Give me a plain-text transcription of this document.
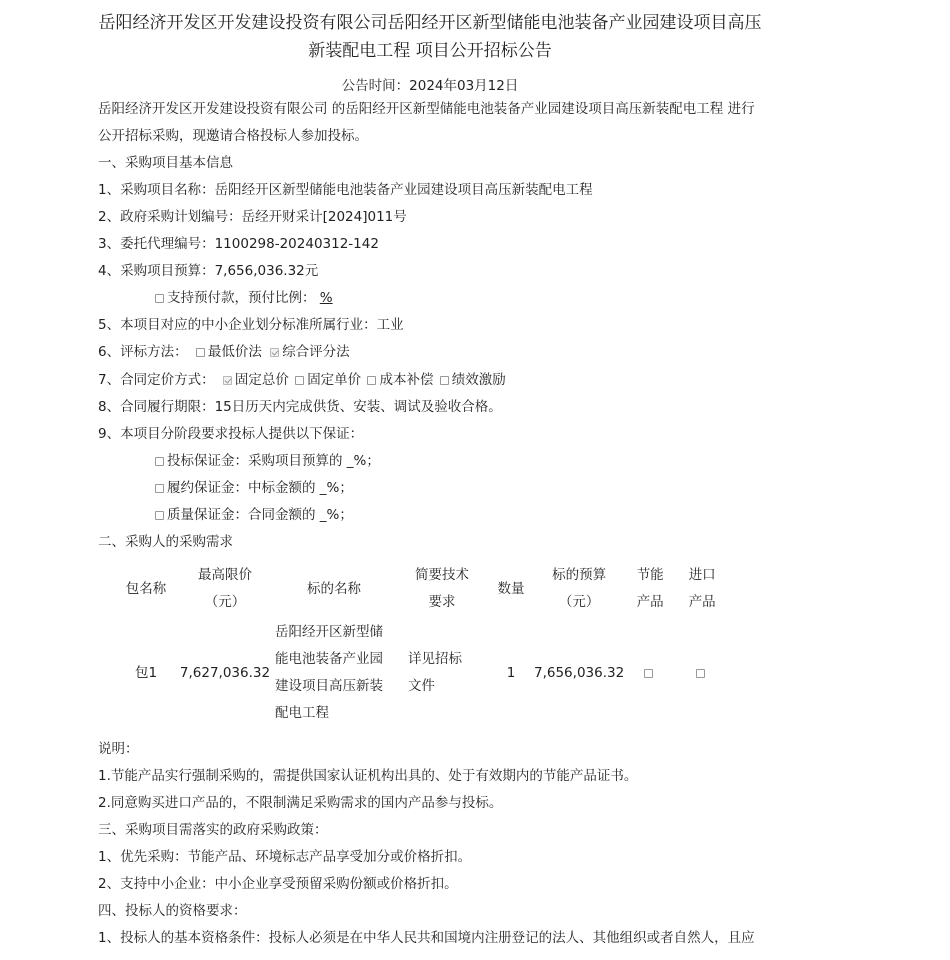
岳阳经济开发区开发建设投资有限公司岳阳经开区新型储能电池装备产业园建设项目高压
新装配电工程 项目公开招标公告
公告时间：2024年03月12日
岳阳经济开发区开发建设投资有限公司 的岳阳经开区新型储能电池装备产业园建设项目高压新装配电工程 进行
公开招标采购，现邀请合格投标人参加投标。
一、采购项目基本信息
1、采购项目名称：岳阳经开区新型储能电池装备产业园建设项目高压新装配电工程
2、政府采购计划编号：岳经开财采计[2024]011号
3、委托代理编号：1100298-20240312-142
4、采购项目预算：7,656,036.32元
支持预付款，预付比例： %
5、本项目对应的中小企业划分标准所属行业：工业
6、评标方法： 最低价法 综合评分法
7、合同定价方式： 固定总价 固定单价 成本补偿 绩效激励
8、合同履行期限：15日历天内完成供货、安装、调试及验收合格。
9、本项目分阶段要求投标人提供以下保证：
投标保证金：采购项目预算的 _%；
履约保证金：中标金额的 _%；
质量保证金：合同金额的 _%；
二、采购人的采购需求
包名称	最高限价（元）	标的名称	简要技术要求	数量	标的预算（元）	节能产品	进口产品
包1	7,627,036.32	岳阳经开区新型储能电池装备产业园建设项目高压新装配电工程	详见招标文件	1	7,656,036.32		
说明：
1.节能产品实行强制采购的，需提供国家认证机构出具的、处于有效期内的节能产品证书。
2.同意购买进口产品的，不限制满足采购需求的国内产品参与投标。
三、采购项目需落实的政府采购政策：
1、优先采购：节能产品、环境标志产品享受加分或价格折扣。
2、支持中小企业：中小企业享受预留采购份额或价格折扣。
四、投标人的资格要求：
1、投标人的基本资格条件：投标人必须是在中华人民共和国境内注册登记的法人、其他组织或者自然人，且应
